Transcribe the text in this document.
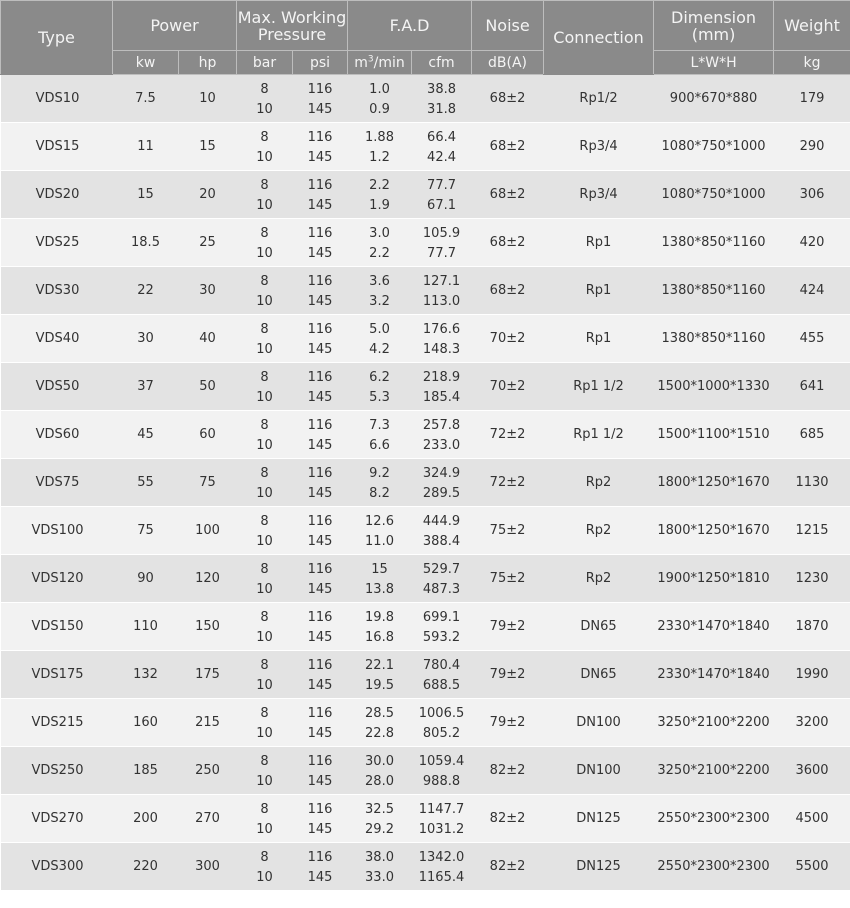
Type	Power		Max. Working Pressure		F.A.D		Noise	Connection	Dimension (mm)	Weight
	kw	hp	bar	psi	$m^3/\min$	cfm	dB(A)		L*W*H	kg
VDS10	7.5	10	8	116	1.0	38.8	68±2	Rp1/2	900*670*880	179
			10	145	0.9	31.8				
VDS15	11	15	8	116	1.88	66.4	68±2	Rp3/4	1080*750*1000	290
			10	145	1.2	42.4				
VDS20	15	20	8	116	2.2	77.7	68±2	Rp3/4	1080*750*1000	306
			10	145	1.9	67.1				
VDS25	18.5	25	8	116	3.0	105.9	68±2	Rp1	1380*850*1160	420
			10	145	2.2	77.7				
VDS30	22	30	8	116	3.6	127.1	68±2	Rp1	1380*850*1160	424
			10	145	3.2	113.0				
VDS40	30	40	8	116	5.0	176.6	70±2	Rp1	1380*850*1160	455
			10	145	4.2	148.3				
VDS50	37	50	8	116	6.2	218.9	70±2	Rp1 1/2	1500*1000*1330	641
			10	145	5.3	185.4				
VDS60	45	60	8	116	7.3	257.8	72±2	Rp1 1/2	1500*1100*1510	685
			10	145	6.6	233.0				
VDS75	55	75	8	116	9.2	324.9	72±2	Rp2	1800*1250*1670	1130
			10	145	8.2	289.5				
VDS100	75	100	8	116	12.6	444.9	75±2	Rp2	1800*1250*1670	1215
			10	145	11.0	388.4				
VDS120	90	120	8	116	15	529.7	75±2	Rp2	1900*1250*1810	1230
			10	145	13.8	487.3				
VDS150	110	150	8	116	19.8	699.1	79±2	DN65	2330*1470*1840	1870
			10	145	16.8	593.2				
VDS175	132	175	8	116	22.1	780.4	79±2	DN65	2330*1470*1840	1990
			10	145	19.5	688.5				
VDS215	160	215	8	116	28.5	1006.5	79±2	DN100	3250*2100*2200	3200
			10	145	22.8	805.2				
VDS250	185	250	8	116	30.0	1059.4	82±2	DN100	3250*2100*2200	3600
			10	145	28.0	988.8				
VDS270	200	270	8	116	32.5	1147.7	82±2	DN125	2550*2300*2300	4500
			10	145	29.2	1031.2				
VDS300	220	300	8	116	38.0	1342.0	82±2	DN125	2550*2300*2300	5500
			10	145	33.0	1165.4				
